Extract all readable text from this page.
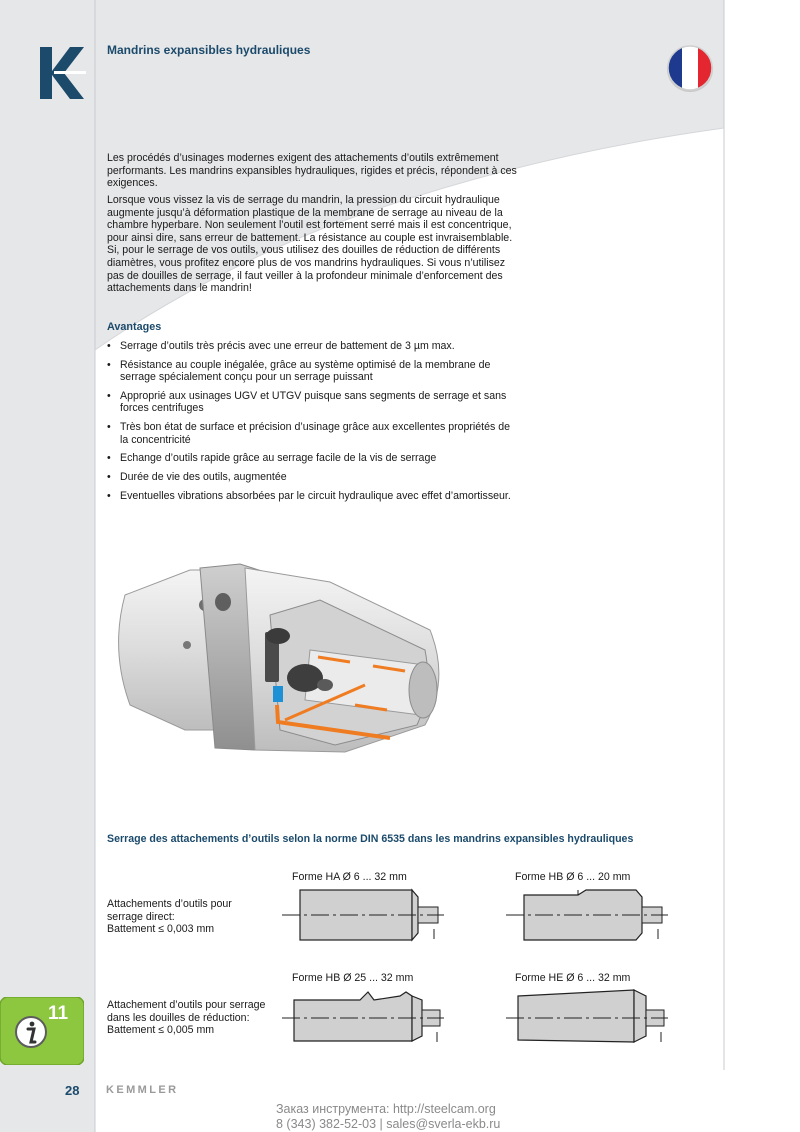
Mandrins expansibles hydrauliques

Les procédés d’usinages modernes exigent des attachements d’outils extrêmement performants. Les mandrins expansibles hydrauliques, rigides et précis, répondent à ces exigences.

Lorsque vous vissez la vis de serrage du mandrin, la pression du circuit hydraulique augmente jusqu’à déformation plastique de la membrane de serrage au niveau de la chambre hyperbare. Non seulement l’outil est fortement serré mais il est concentrique, pour ainsi dire, sans erreur de battement. La résistance au couple est invraisemblable. Si, pour le serrage de vos outils, vous utilisez des douilles de réduction de différents diamètres, vous profitez encore plus de vos mandrins hydrauliques. Si vous n’utilisez pas de douilles de serrage, il faut veiller à la profondeur minimale d’enforcement des attachements dans le mandrin!

Avantages
• Serrage d’outils très précis avec une erreur de battement de 3 µm max.
• Résistance au couple inégalée, grâce au système optimisé de la membrane de serrage spécialement conçu pour un serrage puissant
• Approprié aux usinages UGV et UTGV puisque sans segments de serrage et sans forces centrifuges
• Très bon état de surface et précision d’usinage grâce aux excellentes propriétés de la concentricité
• Echange d’outils rapide grâce au serrage facile de la vis de serrage
• Durée de vie des outils, augmentée
• Eventuelles vibrations absorbées par le circuit hydraulique avec effet d’amortisseur.
Serrage des attachements d’outils selon la norme DIN 6535 dans les mandrins expansibles hydrauliques
Forme HA Ø 6 ... 32 mm	Forme HB Ø 6 ... 20 mm
Forme HB Ø 25 ... 32 mm	Forme HE Ø 6 ... 32 mm
Attachements d’outils pour
serrage direct:
Battement ≤ 0,003 mm
Attachement d’outils pour serrage
dans les douilles de réduction:
Battement ≤ 0,005 mm
11
28 KEMMLER
Заказ инструмента: http://steelcam.org
8 (343) 382-52-03 | sales@sverla-ekb.ru
